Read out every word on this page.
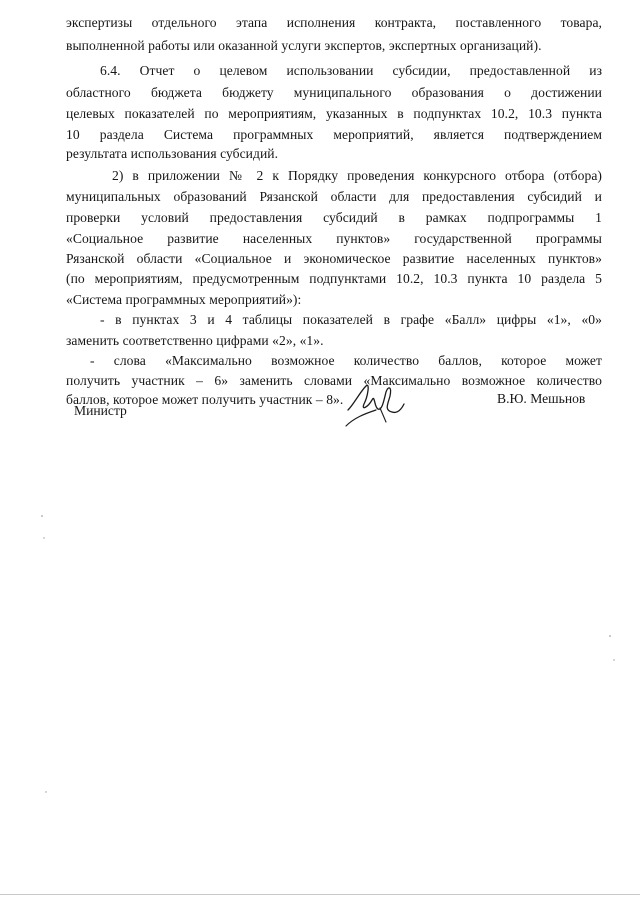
экспертизы отдельного этапа исполнения контракта, поставленного товара,
выполненной работы или оказанной услуги экспертов, экспертных организаций).
6.4. Отчет о целевом использовании субсидии, предоставленной из
областного бюджета бюджету муниципального образования о достижении
целевых показателей по мероприятиям, указанных в подпунктах 10.2, 10.3 пункта
10 раздела Система программных мероприятий, является подтверждением
результата использования субсидий.
2) в приложении № 2 к Порядку проведения конкурсного отбора (отбора)
муниципальных образований Рязанской области для предоставления субсидий и
проверки условий предоставления субсидий в рамках подпрограммы 1
«Социальное развитие населенных пунктов» государственной программы
Рязанской области «Социальное и экономическое развитие населенных пунктов»
(по мероприятиям, предусмотренным подпунктами 10.2, 10.3 пункта 10 раздела 5
«Система программных мероприятий»):
- в пунктах 3 и 4 таблицы показателей в графе «Балл» цифры «1», «0»
заменить соответственно цифрами «2», «1».
- слова «Максимально возможное количество баллов, которое может
получить участник – 6» заменить словами «Максимально возможное количество
баллов, которое может получить участник – 8».
Министр
В.Ю. Мешьнов
